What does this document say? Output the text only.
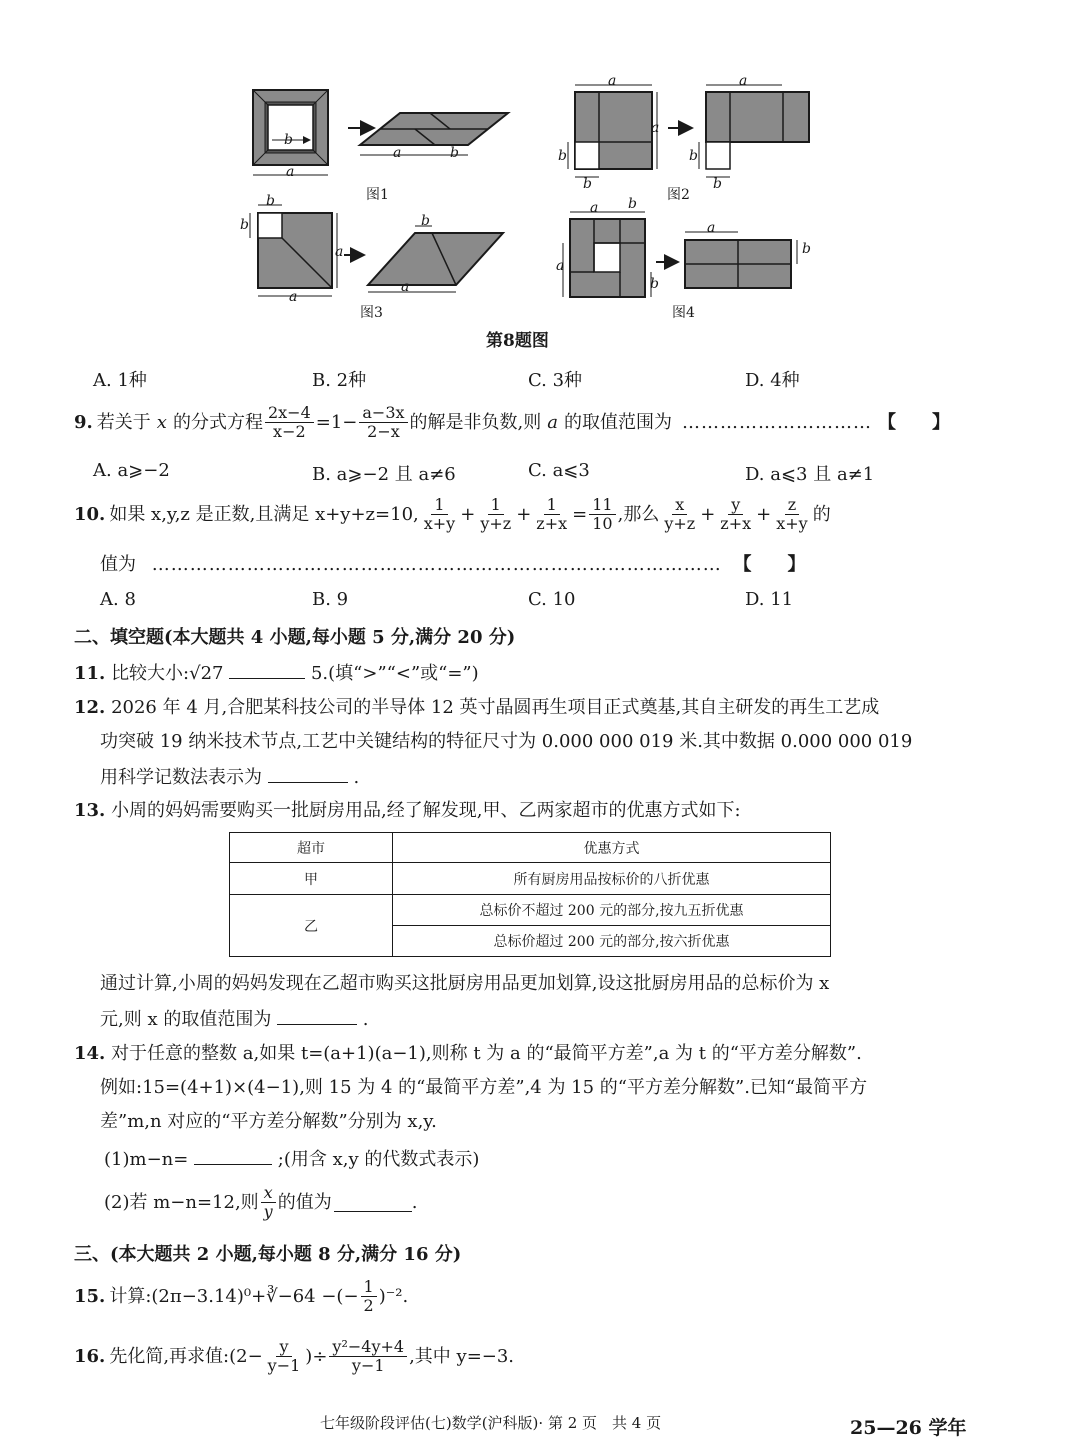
b
a
a	b
图1
a
a
b
b
a
b
b
图2
b
b
a
a
b
a
图3
a b
a
b
a
b
图4
第8题图
A. 1种	B. 2种	C. 3种	D. 4种
9. 若关于 x 的分式方程 $\frac{2x-4}{x-2} =1- \frac{a-3x}{2-x}$ 的解是非负数,则 a 的取值范围为 ………………………… 【　　】
A. a⩾−2	B. a⩾−2 且 a≠6	C. a⩽3	D. a⩽3 且 a≠1
10. 如果 x,y,z 是正数,且满足 x+y+z=10, $\frac{1}{x+y} + \frac{1}{y+z} + \frac{1}{z+x} = \frac{11}{10}$ ,那么 $\frac{x}{y+z} + \frac{y}{z+x} + \frac{z}{x+y}$ 的
值为 ……………………………………………………………………………… 【　　】
A. 8	B. 9	C. 10	D. 11
二、填空题(本大题共 4 小题,每小题 5 分,满分 20 分)
11. 比较大小:√27	5.(填“>”“<”或“=”)
12. 2026 年 4 月,合肥某科技公司的半导体 12 英寸晶圆再生项目正式奠基,其自主研发的再生工艺成
功突破 19 纳米技术节点,工艺中关键结构的特征尺寸为 0.000 000 019 米.其中数据 0.000 000 019
用科学记数法表示为	.
13. 小周的妈妈需要购买一批厨房用品,经了解发现,甲、乙两家超市的优惠方式如下:
超市	优惠方式
甲	所有厨房用品按标价的八折优惠
乙	总标价不超过 200 元的部分,按九五折优惠
	总标价超过 200 元的部分,按六折优惠
通过计算,小周的妈妈发现在乙超市购买这批厨房用品更加划算,设这批厨房用品的总标价为 x
元,则 x 的取值范围为	.
14. 对于任意的整数 a,如果 t=(a+1)(a−1),则称 t 为 a 的“最简平方差”,a 为 t 的“平方差分解数”.
例如:15=(4+1)×(4−1),则 15 为 4 的“最简平方差”,4 为 15 的“平方差分解数”.已知“最简平方
差”m,n 对应的“平方差分解数”分别为 x,y.
(1)m−n=	;(用含 x,y 的代数式表示)
(2)若 m−n=12,则 $\frac{x}{y}$ 的值为	.
三、(本大题共 2 小题,每小题 8 分,满分 16 分)
15. 计算:(2π−3.14)⁰+∛−64 −(− $\frac{1}{2} )^{-2}$.
16. 先化简,再求值:(2− $\frac{y}{y-1}$ )÷ $\frac{\text{y²−4y+4}}{y-1}$ ,其中 y=−3.
七年级阶段评估(七)数学(沪科版)· 第 2 页　共 4 页	25—26 学年
